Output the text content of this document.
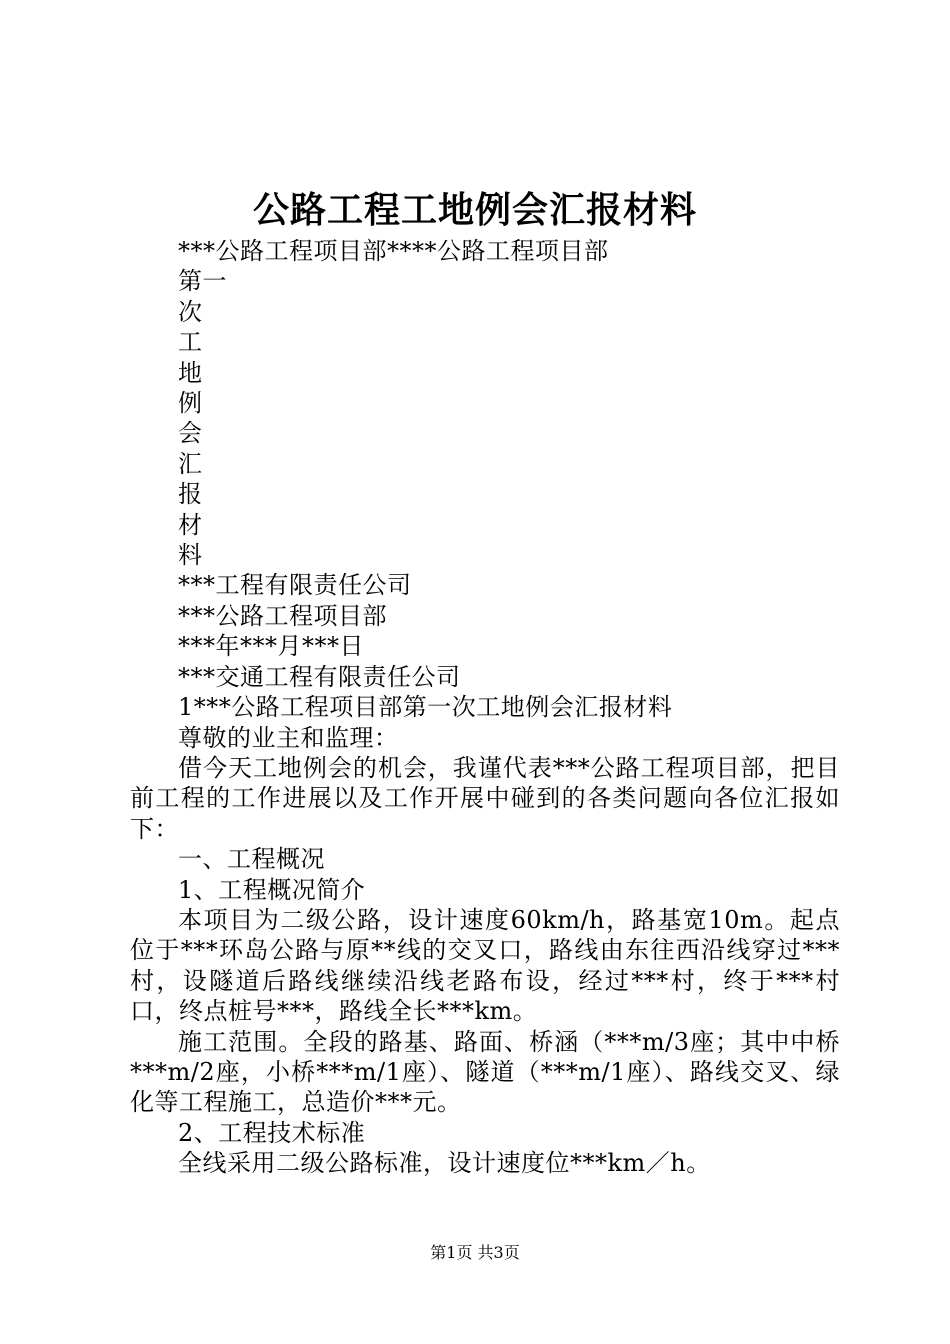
公路工程工地例会汇报材料
***公路工程项目部****公路工程项目部
第一
次
工
地
例
会
汇
报
材
料
***工程有限责任公司
***公路工程项目部
***年***月***日
***交通工程有限责任公司
1***公路工程项目部第一次工地例会汇报材料
尊敬的业主和监理：
借今天工地例会的机会，我谨代表***公路工程项目部，把目前工程的工作进展以及工作开展中碰到的各类问题向各位汇报如下：
一、工程概况
1、工程概况简介
本项目为二级公路，设计速度60km/h，路基宽10m。起点位于***环岛公路与原**线的交叉口，路线由东往西沿线穿过***村，设隧道后路线继续沿线老路布设，经过***村，终于***村口，终点桩号***，路线全长***km。
施工范围。全段的路基、路面、桥涵（***m/3座；其中中桥***m/2座，小桥***m/1座）、隧道（***m/1座）、路线交叉、绿化等工程施工，总造价***元。
2、工程技术标准
全线采用二级公路标准，设计速度位***km／h。
第1页 共3页
